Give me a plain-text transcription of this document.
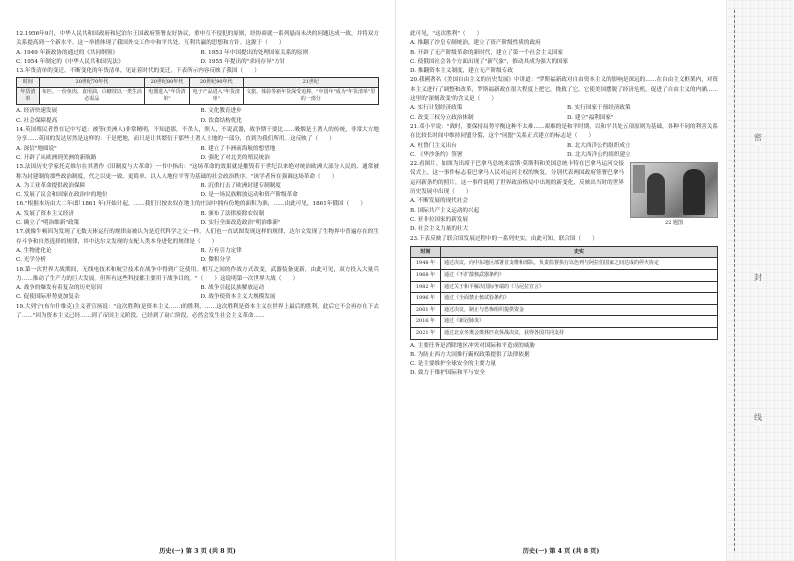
12.1956年9月，中华人民共和国政府和尼泊尔王国政府签署友好协议，重申互不侵犯的原则，经协商就一系列悬而未决的问题达成一致，并将双方关系提高到一个新水平。这一举措体现了我国外交工作中和平共处、互利共赢的思想和方针。这源于（　　）
A. 1949 年新政协的通过的《共同纲领》	B. 1953 年中国提出的处理国家关系的原则
C. 1954 年制定的《中华人民共和国宪法》	D. 1955 年提出的"求同存异"方针
13.年货清单的变迁，不断变化的年货清单，见证着时代的变迁。下表所示内容反映了我国（　　）
时间	20世纪70年代	20世纪80年代	20世纪90年代	21世纪
年货清单	布匹、一份鱼肉、食用油，白糖技以一类生活必需品	电器进入"年货清单"	电子产品进入"年货清单"	文旅、体验等新年货深受追捧，"中国年"成为"年货清单"里的一部分
A. 经济快速发展	B. 文化教育进步
C. 社会保障提高	D. 饮食结构优化
14.英国殖民者曾在记中写道：被等(美洲人)非常精明，不知道那，不杀人，照人，不说武器，战争期干要比……吸烟是土著人的传统，非常大方地分享……英国的发达居然是这样的：于是把地，而只是让其繁衍于那些土著人土地的一部分，直到为我们所用。这反映了（　　）
A. 深信"地圆说"	B. 建立了丰洲前海航的想望地
C. 开辟了从欧洲到美洲的新航路	D. 强化了对北美的殖民统治
15.法国历史学家托克维尔在其著作《旧制度与大革命》一书中指出："这场革命的效果就是摧毁若干世纪以来绝对统治欧洲大部分人民的、通常被称为封建制的那些政治制度，代之以更一致、更简单、以人人地位平等为基础的社会政治秩序。"该学者旨在强调这场革命（　　）
A. 为工业革命提供政治保障	B. 沉重打击了欧洲封建专制制度
C. 发展了议会和国家在政治中的地位	D. 是一场民族解放运动和资产阶级革命
16."根据本历由大二年(即 1861 年)开始计起，……我们只按农奴在地主的庄园中拥有份地的面积为准，……由此可见，1861年俄国（　　）
A. 发展了资本主义经济	B. 颁布了法律废除农奴制
C. 确立了"明治维新"政策	D. 实行全面改造政治"明治维新"
17.就像牛顿因为发现了无数天体运行的规律而被认为是近代科学之父一样，人们也一直试图发现这样的规律，达尔文发现了生物界中普遍存在的生存斗争和自然选择的规律，其中达尔文发现的支配人类本身进化的规律是（　　）
A. 生物进化论	B. 万有引力定律
C. 光学分析	D. 微积分学
18.第一次世界大战期间，无线电技术和航空技术在战争中得到广泛使用。相互之间的作战方式改变，武器装备更新，由此可见，双方投入大量兵力……推动了生产力的巨大发展。但所有这些科技都主要用于战争目的。"（　　）这说明第一次世界大战（　　）
A. 战争的爆发有着复杂的历史原因	B. 战争引起民族解放运动
C. 促使国际形势更加复杂	D. 战争使资本主义大规模发展
19.大列宁(布尔什维克)主义者宣扬说："这次胜利(是资本主义……)的胜利，……这次胜利是资本主义在世界上最后的胜利，此后它不会再存在下去了……"因为资本主义已经……到了帝国主义阶段，已经到了衰亡阶段，必然会发生社会主义革命……
历史(一) 第 3 页 (共 8 页)
此可见，"这次胜利"（　　）
A. 推翻了沙皇专制统治，建立了资产阶级性质的政府
B. 开辟了无产阶级革命的新时代，建立了第一个社会主义国家
C. 使俄国社会各个方面出现了"新气象"，推动其成为强大的国家
D. 推翻资本主义制度，建立无产阶级专政
20.我國著名《美国自由主义的历史发展》中讲道："罗斯福新政对自由资本主义的影响是深远的……在自由主义框架内，对资本主义进行了调整和改革，罗斯福新政在很大程度上把它，挽救了它，它使美国摆脱了经济危机，促进了自由主义的内涵……这里的'深刻改变'的含义是（　　）
A. 实行计划经济政策	B. 实行国家干预经济政策
C. 改变三权分立政治体制	D. 建立"福利国家"
21.邓小平说："战时，要保持局势平衡这种不太难……艰难的是和平时期，以和平共处五项原则为基础，各种不同的利害关系在比较长时间中维持同盟分裂，这个"同盟"关系正式建立的标志是（　　）
A. 杜鲁门主义出台	B. 北大西洋公约组织成立
C. 《华沙条约》签署	D. 北大西洋公约组织建立
22.看图片。如图为出席于巴拿马总统米雷斯·莫斯科和美国总统卡特在巴拿马运河交接仪式上，这一事件标志着巴拿马人民对运河主权的恢复，分别代表两国政府签署巴拿马运河新条约的照片，这一事件说明了世界政治格局中出现的新变化，反映出当时的世界历史发展中出现（　　）
A. 不断发展的现代社会
B. 国际共产主义运动的兴起
C. 亚非拉国家的新发展
D. 社会主义力量的壮大
22 题图
23.下表反映了联合国发展过程中的一系列史实，由此可知，联合国（　　）
时间	史实
1948 年	通过决议，向中东地区部署首支维和部队，负责监督执行以色列与阿拉伯国家之间达成的停火协定
1968 年	通过《不扩散核武器条约》
1982 年	通过关于和平解决国际争端的《马尼拉宣言》
1996 年	通过《全面禁止核试验条约》
2001 年	通过决议，制止与恐怖组织提供资金
2016 年	通过《新冠肺炎》
2021 年	通过北京冬奥会奥林匹克休战决议，获得各国共同支持
A. 主要任务是消除地区冲突对国际和平造成的威胁
B. 为防止西方大国推行霸权政策提供了法律依据
C. 是主要维护全球安全的主要力量
D. 致力于维护国际和平与安全
历史(一) 第 4 页 (共 8 页)
密
封
线
